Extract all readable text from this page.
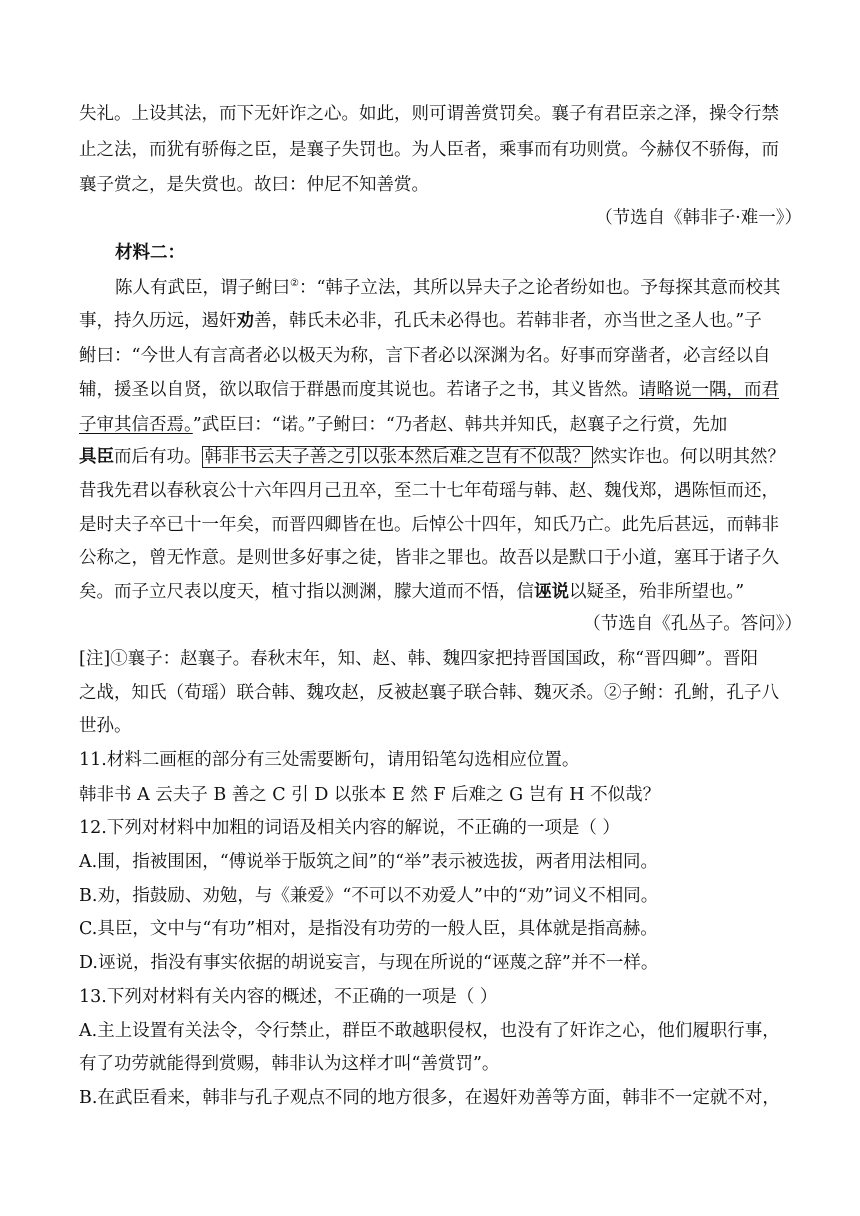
失礼。上设其法，而下无奸诈之心。如此，则可谓善赏罚矣。襄子有君臣亲之泽，操令行禁
止之法，而犹有骄侮之臣，是襄子失罚也。为人臣者，乘事而有功则赏。今赫仅不骄侮，而
襄子赏之，是失赏也。故曰：仲尼不知善赏。
（节选自《韩非子·难一》）
材料二：
陈人有武臣，谓子鲋曰②：“韩子立法，其所以异夫子之论者纷如也。予每探其意而校其
事，持久历远，遏奸劝善，韩氏未必非，孔氏未必得也。若韩非者，亦当世之圣人也。”子
鲋曰：“今世人有言高者必以极天为称，言下者必以深渊为名。好事而穿凿者，必言经以自
辅，援圣以自贤，欲以取信于群愚而度其说也。若诸子之书，其义皆然。请略说一隅，而君
子审其信否焉。”武臣曰：“诺。”子鲋曰：“乃者赵、韩共并知氏，赵襄子之行赏，先加
具臣而后有功。 韩非书云夫子善之引以张本然后难之岂有不似哉？ 然实诈也。何以明其然？
昔我先君以春秋哀公十六年四月己丑卒，至二十七年荀瑶与韩、赵、魏伐郑，遇陈恒而还，
是时夫子卒已十一年矣，而晋四卿皆在也。后悼公十四年，知氏乃亡。此先后甚远，而韩非
公称之，曾无怍意。是则世多好事之徒，皆非之罪也。故吾以是默口于小道，塞耳于诸子久
矣。而子立尺表以度天，植寸指以测渊，朦大道而不悟，信诬说以疑圣，殆非所望也。”
（节选自《孔丛子。答问》）
[注]①襄子：赵襄子。春秋末年，知、赵、韩、魏四家把持晋国国政，称“晋四卿”。晋阳
之战，知氏（荀瑶）联合韩、魏攻赵，反被赵襄子联合韩、魏灭杀。②子鲋：孔鲋，孔子八
世孙。
11.材料二画框的部分有三处需要断句，请用铅笔勾选相应位置。
韩非书 A 云夫子 B 善之 C 引 D 以张本 E 然 F 后难之 G 岂有 H 不似哉？
12.下列对材料中加粗的词语及相关内容的解说，不正确的一项是（ ）
A.围，指被围困，“傅说举于版筑之间”的“举”表示被选拔，两者用法相同。
B.劝，指鼓励、劝勉，与《兼爱》“不可以不劝爱人”中的“劝”词义不相同。
C.具臣，文中与“有功”相对，是指没有功劳的一般人臣，具体就是指高赫。
D.诬说，指没有事实依据的胡说妄言，与现在所说的“诬蔑之辞”并不一样。
13.下列对材料有关内容的概述，不正确的一项是（ ）
A.主上设置有关法令，令行禁止，群臣不敢越职侵权，也没有了奸诈之心，他们履职行事，
有了功劳就能得到赏赐，韩非认为这样才叫“善赏罚”。
B.在武臣看来，韩非与孔子观点不同的地方很多，在遏奸劝善等方面，韩非不一定就不对，
